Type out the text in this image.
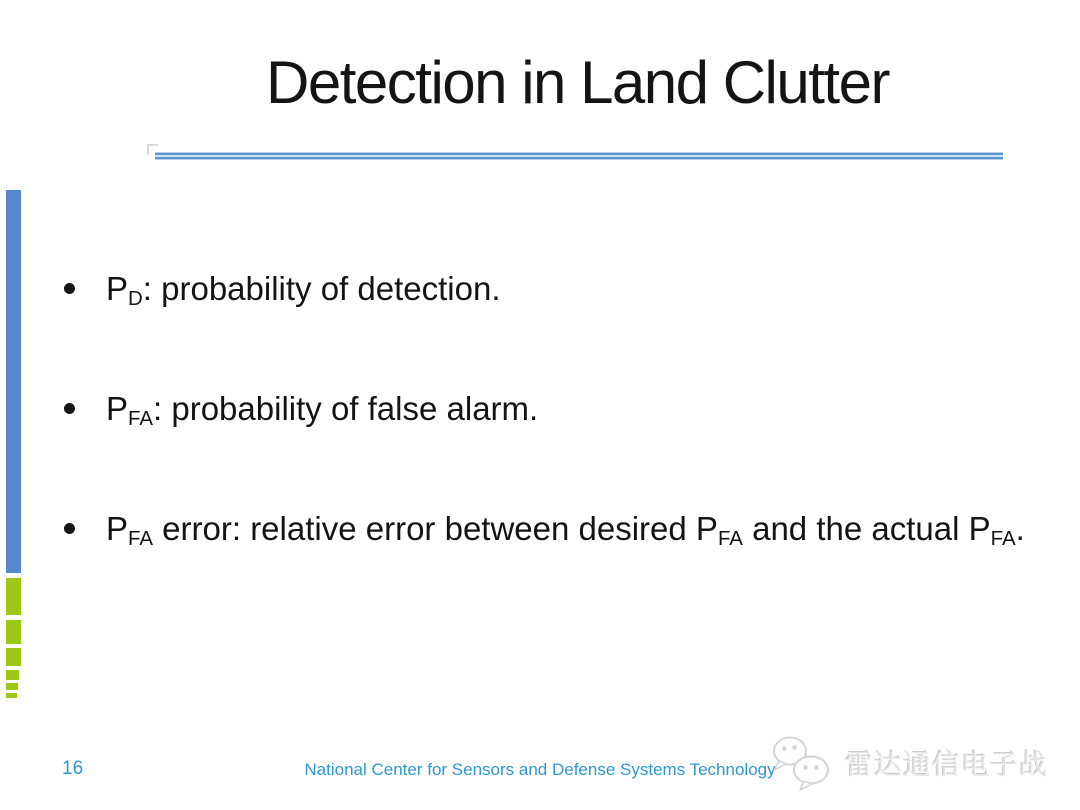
Detection in Land Clutter
PD: probability of detection.
PFA: probability of false alarm.
PFA error: relative error between desired PFA and the actual PFA.
16	National Center for Sensors and Defense Systems Technology 雷达通信电子战
